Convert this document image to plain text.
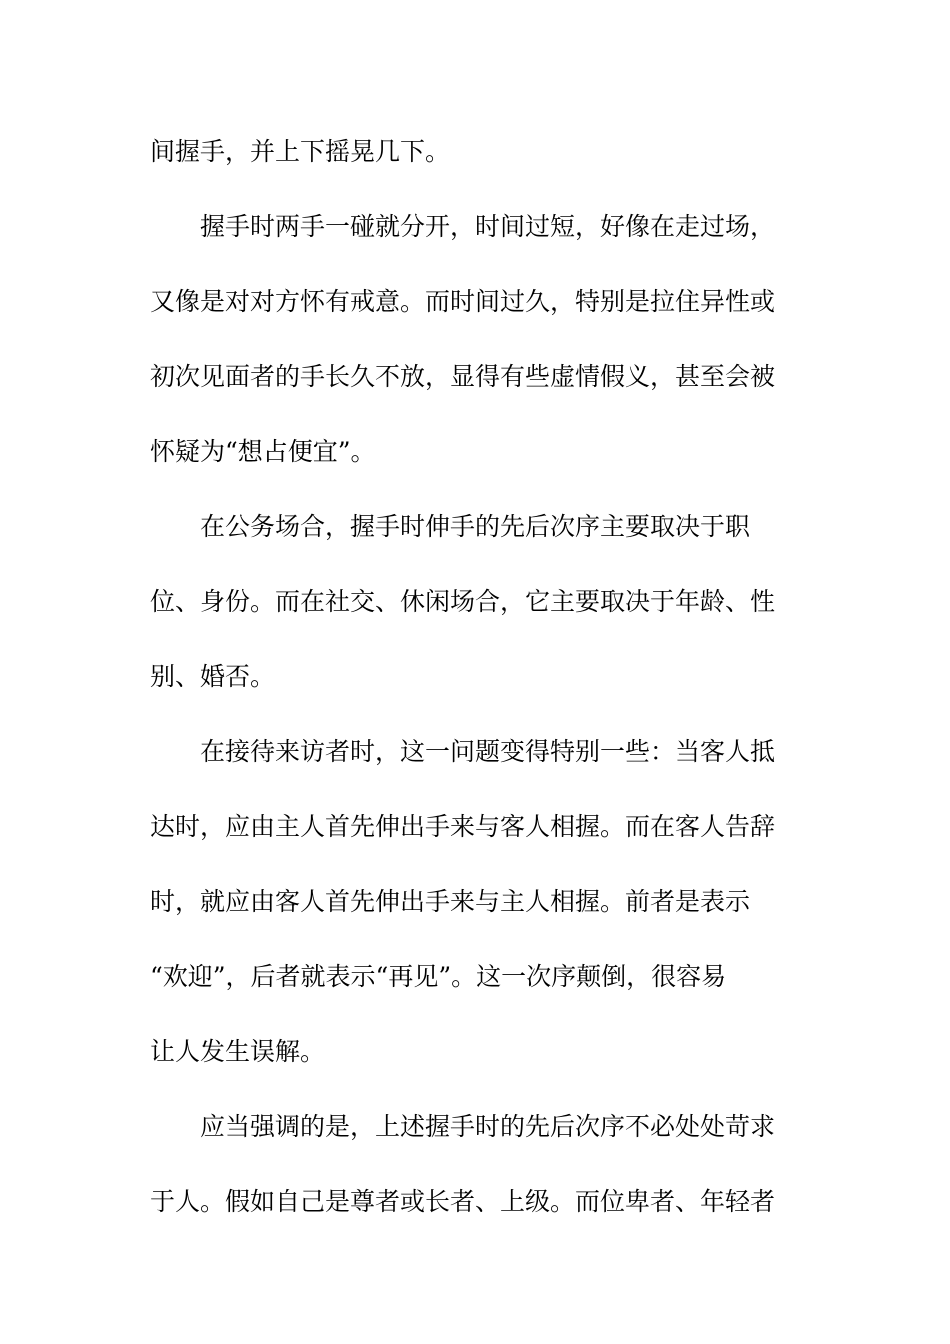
间握手，并上下摇晃几下。

握手时两手一碰就分开，时间过短，好像在走过场，

又像是对对方怀有戒意。而时间过久，特别是拉住异性或

初次见面者的手长久不放，显得有些虚情假义，甚至会被

怀疑为“想占便宜”。

在公务场合，握手时伸手的先后次序主要取决于职

位、身份。而在社交、休闲场合，它主要取决于年龄、性

别、婚否。

在接待来访者时，这一问题变得特别一些：当客人抵

达时，应由主人首先伸出手来与客人相握。而在客人告辞

时，就应由客人首先伸出手来与主人相握。前者是表示

“欢迎”，后者就表示“再见”。这一次序颠倒，很容易

让人发生误解。

应当强调的是，上述握手时的先后次序不必处处苛求

于人。假如自己是尊者或长者、上级。而位卑者、年轻者
